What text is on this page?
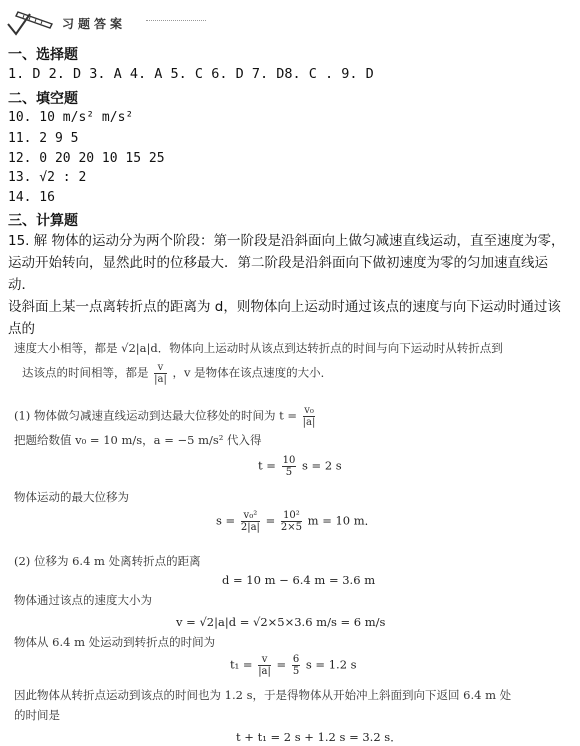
习题答案
一、选择题
1. D 2. D 3. A 4. A 5. C 6. D 7. D8. C . 9. D
二、填空题
10. 10 m/s² m/s²
11. 2 9 5
12. 0 20 20 10 15 25
13. √2 : 2
14. 16
三、计算题
15. 解 物体的运动分为两个阶段：第一阶段是沿斜面向上做匀减速直线运动，直至速度为零，运动开始转向，显然此时的位移最大．第二阶段是沿斜面向下做初速度为零的匀加速直线运动．
设斜面上某一点离转折点的距离为 d，则物体向上运动时通过该点的速度与向下运动时通过该点的
速度大小相等，都是 √2|a|d．物体向上运动时从该点到达转折点的时间与向下运动时从转折点到
达该点的时间相等，都是 $\frac{v}{|a|}$ ，v 是物体在该点速度的大小．
(1) 物体做匀减速直线运动到达最大位移处的时间为 $t = \frac{\text{v₀}}{|a|}$
把题给数值 v₀ = 10 m/s，a = −5 m/s² 代入得
$t = \frac{10}{5}$ s = 2 s
物体运动的最大位移为
$s = \frac{\text{v₀²}}{2|a|} = \frac{\text{10²}}{2\times 5}$ m = 10 m．
(2) 位移为 6.4 m 处离转折点的距离
d = 10 m − 6.4 m = 3.6 m
物体通过该点的速度大小为
v = √2|a|d = √2×5×3.6 m/s = 6 m/s
物体从 6.4 m 处运动到转折点的时间为
$t_1 = \frac{v}{|a|} = \frac{6}{5}$ s = 1.2 s
因此物体从转折点运动到该点的时间也为 1.2 s，于是得物体从开始冲上斜面到向下返回 6.4 m 处
的时间是
t + t₁ = 2 s + 1.2 s = 3.2 s．
